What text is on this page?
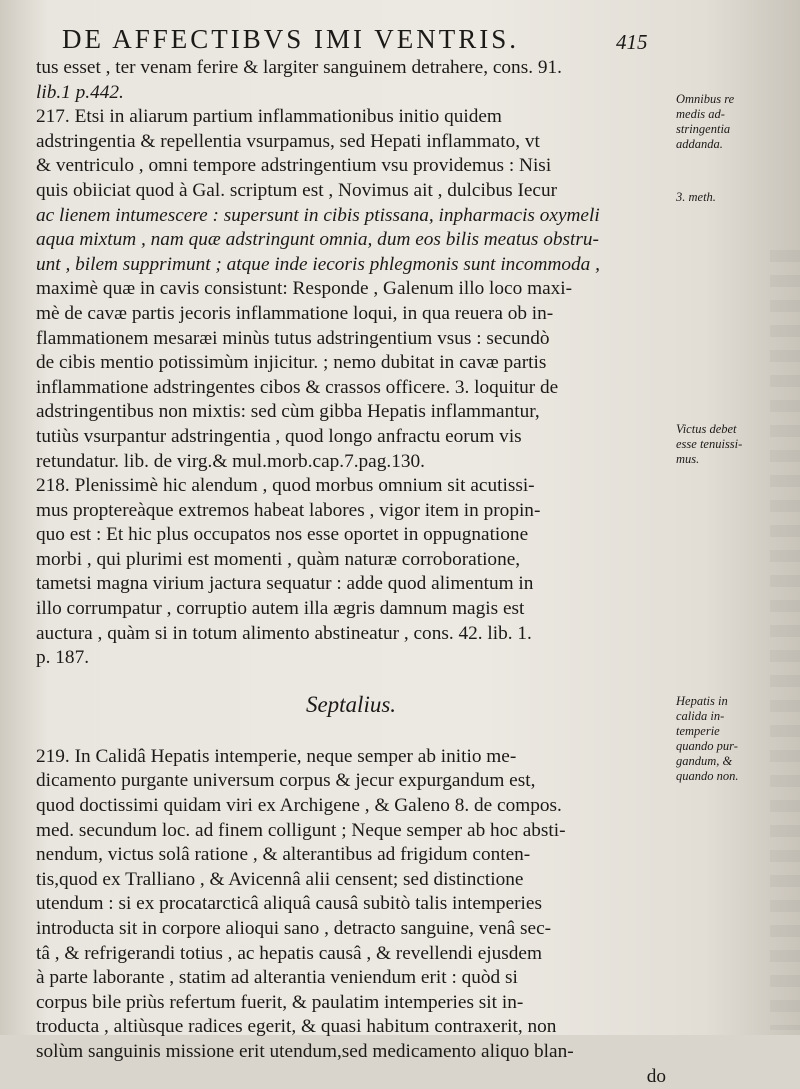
DE AFFECTIBVS IMI VENTRIS.	415
tus esset , ter venam ferire & largiter sanguinem detrahere, cons. 91.
lib.1 p.442.
217. Etsi in aliarum partium inflammationibus initio quidem
adstringentia & repellentia vsurpamus, sed Hepati inflammato, vt
& ventriculo , omni tempore adstringentium vsu providemus : Nisi
quis obiiciat quod à Gal. scriptum est , Novimus ait , dulcibus Iecur
ac lienem intumescere : supersunt in cibis ptissana, inpharmacis oxymeli
aqua mixtum , nam quæ adstringunt omnia, dum eos bilis meatus obstru-
unt , bilem supprimunt ; atque inde iecoris phlegmonis sunt incommoda ,
maximè quæ in cavis consistunt: Responde , Galenum illo loco maxi-
mè de cavæ partis jecoris inflammatione loqui, in qua reuera ob in-
flammationem mesaræi minùs tutus adstringentium vsus : secundò
de cibis mentio potissimùm injicitur. ; nemo dubitat in cavæ partis
inflammatione adstringentes cibos & crassos officere. 3. loquitur de
adstringentibus non mixtis: sed cùm gibba Hepatis inflammantur,
tutiùs vsurpantur adstringentia , quod longo anfractu eorum vis
retundatur. lib. de virg.& mul.morb.cap.7.pag.130.
218. Plenissimè hic alendum , quod morbus omnium sit acutissi-
mus proptereàque extremos habeat labores , vigor item in propin-
quo est : Et hic plus occupatos nos esse oportet in oppugnatione
morbi , qui plurimi est momenti , quàm naturæ corroboratione,
tametsi magna virium jactura sequatur : adde quod alimentum in
illo corrumpatur , corruptio autem illa ægris damnum magis est
auctura , quàm si in totum alimento abstineatur , cons. 42. lib. 1.
p. 187.
Septalius.
219. In Calidâ Hepatis intemperie, neque semper ab initio me-
dicamento purgante universum corpus & jecur expurgandum est,
quod doctissimi quidam viri ex Archigene , & Galeno 8. de compos.
med. secundum loc. ad finem colligunt ; Neque semper ab hoc absti-
nendum, victus solâ ratione , & alterantibus ad frigidum conten-
tis,quod ex Tralliano , & Avicennâ alii censent; sed distinctione
utendum : si ex procatarcticâ aliquâ causâ subitò talis intemperies
introducta sit in corpore alioqui sano , detracto sanguine, venâ sec-
tâ , & refrigerandi totius , ac hepatis causâ , & revellendi ejusdem
à parte laborante , statim ad alterantia veniendum erit : quòd si
corpus bile priùs refertum fuerit, & paulatim intemperies sit in-
troducta , altiùsque radices egerit, & quasi habitum contraxerit, non
solùm sanguinis missione erit utendum,sed medicamento aliquo blan-
do
Omnibus re
medis ad-
stringentia
addanda.
3. meth.
Victus debet
esse tenuissi-
mus.
Hepatis in
calida in-
temperie
quando pur-
gandum, &
quando non.
